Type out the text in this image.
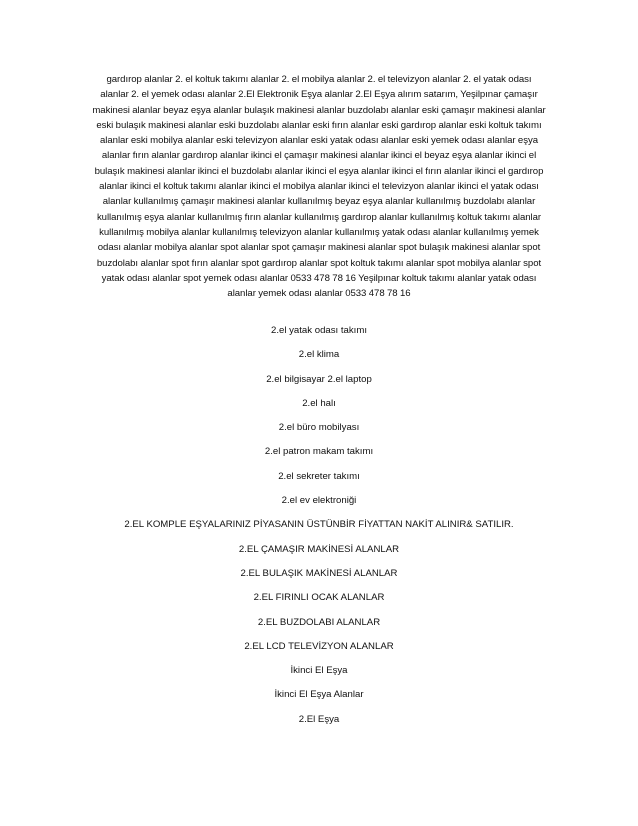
gardırop alanlar 2. el koltuk takımı alanlar 2. el mobilya alanlar 2. el televizyon alanlar 2. el yatak odası alanlar 2. el yemek odası alanlar 2.El Elektronik Eşya alanlar 2.El Eşya alırım satarım, Yeşilpınar çamaşır makinesi alanlar beyaz eşya alanlar bulaşık makinesi alanlar buzdolabı alanlar eski çamaşır makinesi alanlar eski bulaşık makinesi alanlar eski buzdolabı alanlar eski fırın alanlar eski gardırop alanlar eski koltuk takımı alanlar eski mobilya alanlar eski televizyon alanlar eski yatak odası alanlar eski yemek odası alanlar eşya alanlar fırın alanlar gardırop alanlar ikinci el çamaşır makinesi alanlar ikinci el beyaz eşya alanlar ikinci el bulaşık makinesi alanlar ikinci el buzdolabı alanlar ikinci el eşya alanlar ikinci el fırın alanlar ikinci el gardırop alanlar ikinci el koltuk takımı alanlar ikinci el mobilya alanlar ikinci el televizyon alanlar ikinci el yatak odası alanlar kullanılmış çamaşır makinesi alanlar kullanılmış beyaz eşya alanlar kullanılmış buzdolabı alanlar kullanılmış eşya alanlar kullanılmış fırın alanlar kullanılmış gardırop alanlar kullanılmış koltuk takımı alanlar kullanılmış mobilya alanlar kullanılmış televizyon alanlar kullanılmış yatak odası alanlar kullanılmış yemek odası alanlar mobilya alanlar spot alanlar spot çamaşır makinesi alanlar spot bulaşık makinesi alanlar spot buzdolabı alanlar spot fırın alanlar spot gardırop alanlar spot koltuk takımı alanlar spot mobilya alanlar spot yatak odası alanlar spot yemek odası alanlar 0533 478 78 16 Yeşilpınar koltuk takımı alanlar yatak odası alanlar yemek odası alanlar 0533 478 78 16
2.el yatak odası takımı
2.el klima
2.el bilgisayar 2.el laptop
2.el halı
2.el büro mobilyası
2.el patron makam takımı
2.el sekreter takımı
2.el ev elektroniği
2.EL KOMPLE EŞYALARINIZ PİYASANIN ÜSTÜNBİR FİYATTAN NAKİT ALINIR& SATILIR.
2.EL ÇAMAŞIR MAKİNESİ ALANLAR
2.EL BULAŞIK MAKİNESİ ALANLAR
2.EL FIRINLI OCAK ALANLAR
2.EL BUZDOLABI ALANLAR
2.EL LCD TELEVİZYON ALANLAR
İkinci El Eşya
İkinci El Eşya Alanlar
2.El Eşya
